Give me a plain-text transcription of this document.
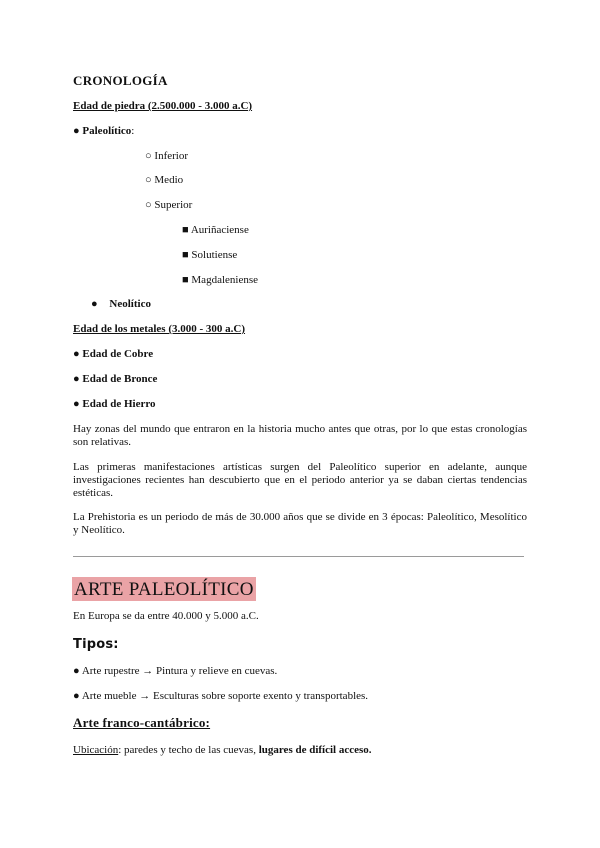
CRONOLOGÍA
Edad de piedra (2.500.000 - 3.000 a.C)
● Paleolítico:
○ Inferior
○ Medio
○ Superior
■ Auriñaciense
■ Solutiense
■ Magdaleniense
● Neolítico
Edad de los metales (3.000 - 300 a.C)
● Edad de Cobre
● Edad de Bronce
● Edad de Hierro
Hay zonas del mundo que entraron en la historia mucho antes que otras, por lo que estas cronologías son relativas.
Las primeras manifestaciones artísticas surgen del Paleolítico superior en adelante, aunque investigaciones recientes han descubierto que en el periodo anterior ya se daban ciertas tendencias estéticas.
La Prehistoria es un periodo de más de 30.000 años que se divide en 3 épocas: Paleolítico, Mesolítico y Neolítico.
ARTE PALEOLÍTICO
En Europa se da entre 40.000 y 5.000 a.C.
Tipos:
● Arte rupestre → Pintura y relieve en cuevas.
● Arte mueble → Esculturas sobre soporte exento y transportables.
Arte franco-cantábrico:
Ubicación: paredes y techo de las cuevas, lugares de difícil acceso.
